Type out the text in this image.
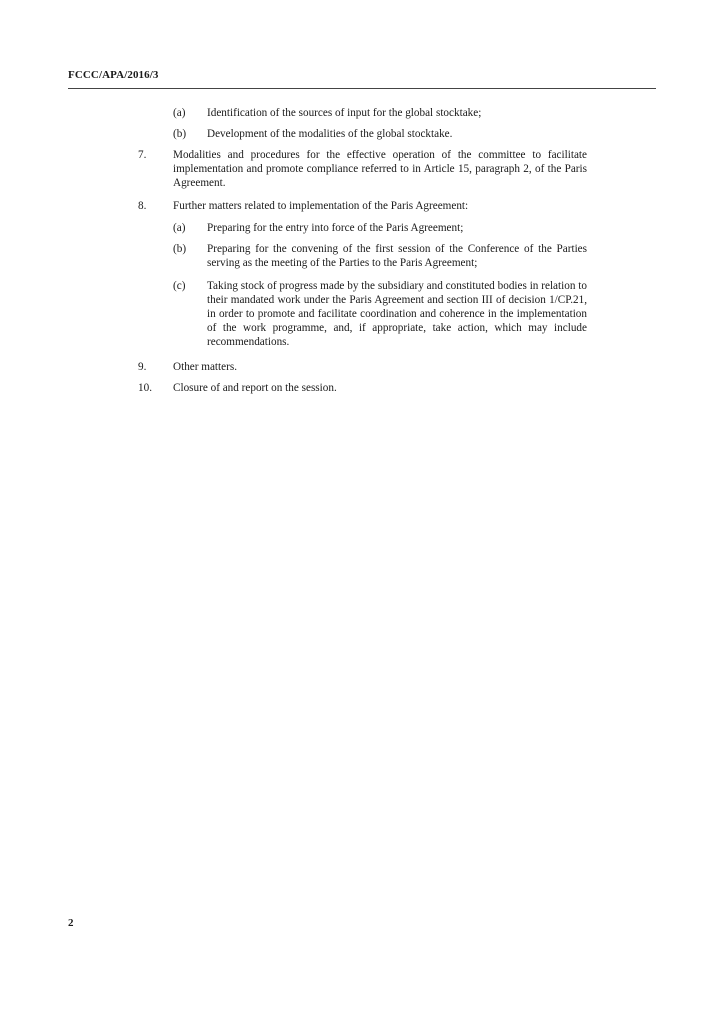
FCCC/APA/2016/3
(a) Identification of the sources of input for the global stocktake;
(b) Development of the modalities of the global stocktake.
7. Modalities and procedures for the effective operation of the committee to facilitate implementation and promote compliance referred to in Article 15, paragraph 2, of the Paris Agreement.
8. Further matters related to implementation of the Paris Agreement:
(a) Preparing for the entry into force of the Paris Agreement;
(b) Preparing for the convening of the first session of the Conference of the Parties serving as the meeting of the Parties to the Paris Agreement;
(c) Taking stock of progress made by the subsidiary and constituted bodies in relation to their mandated work under the Paris Agreement and section III of decision 1/CP.21, in order to promote and facilitate coordination and coherence in the implementation of the work programme, and, if appropriate, take action, which may include recommendations.
9. Other matters.
10. Closure of and report on the session.
2
